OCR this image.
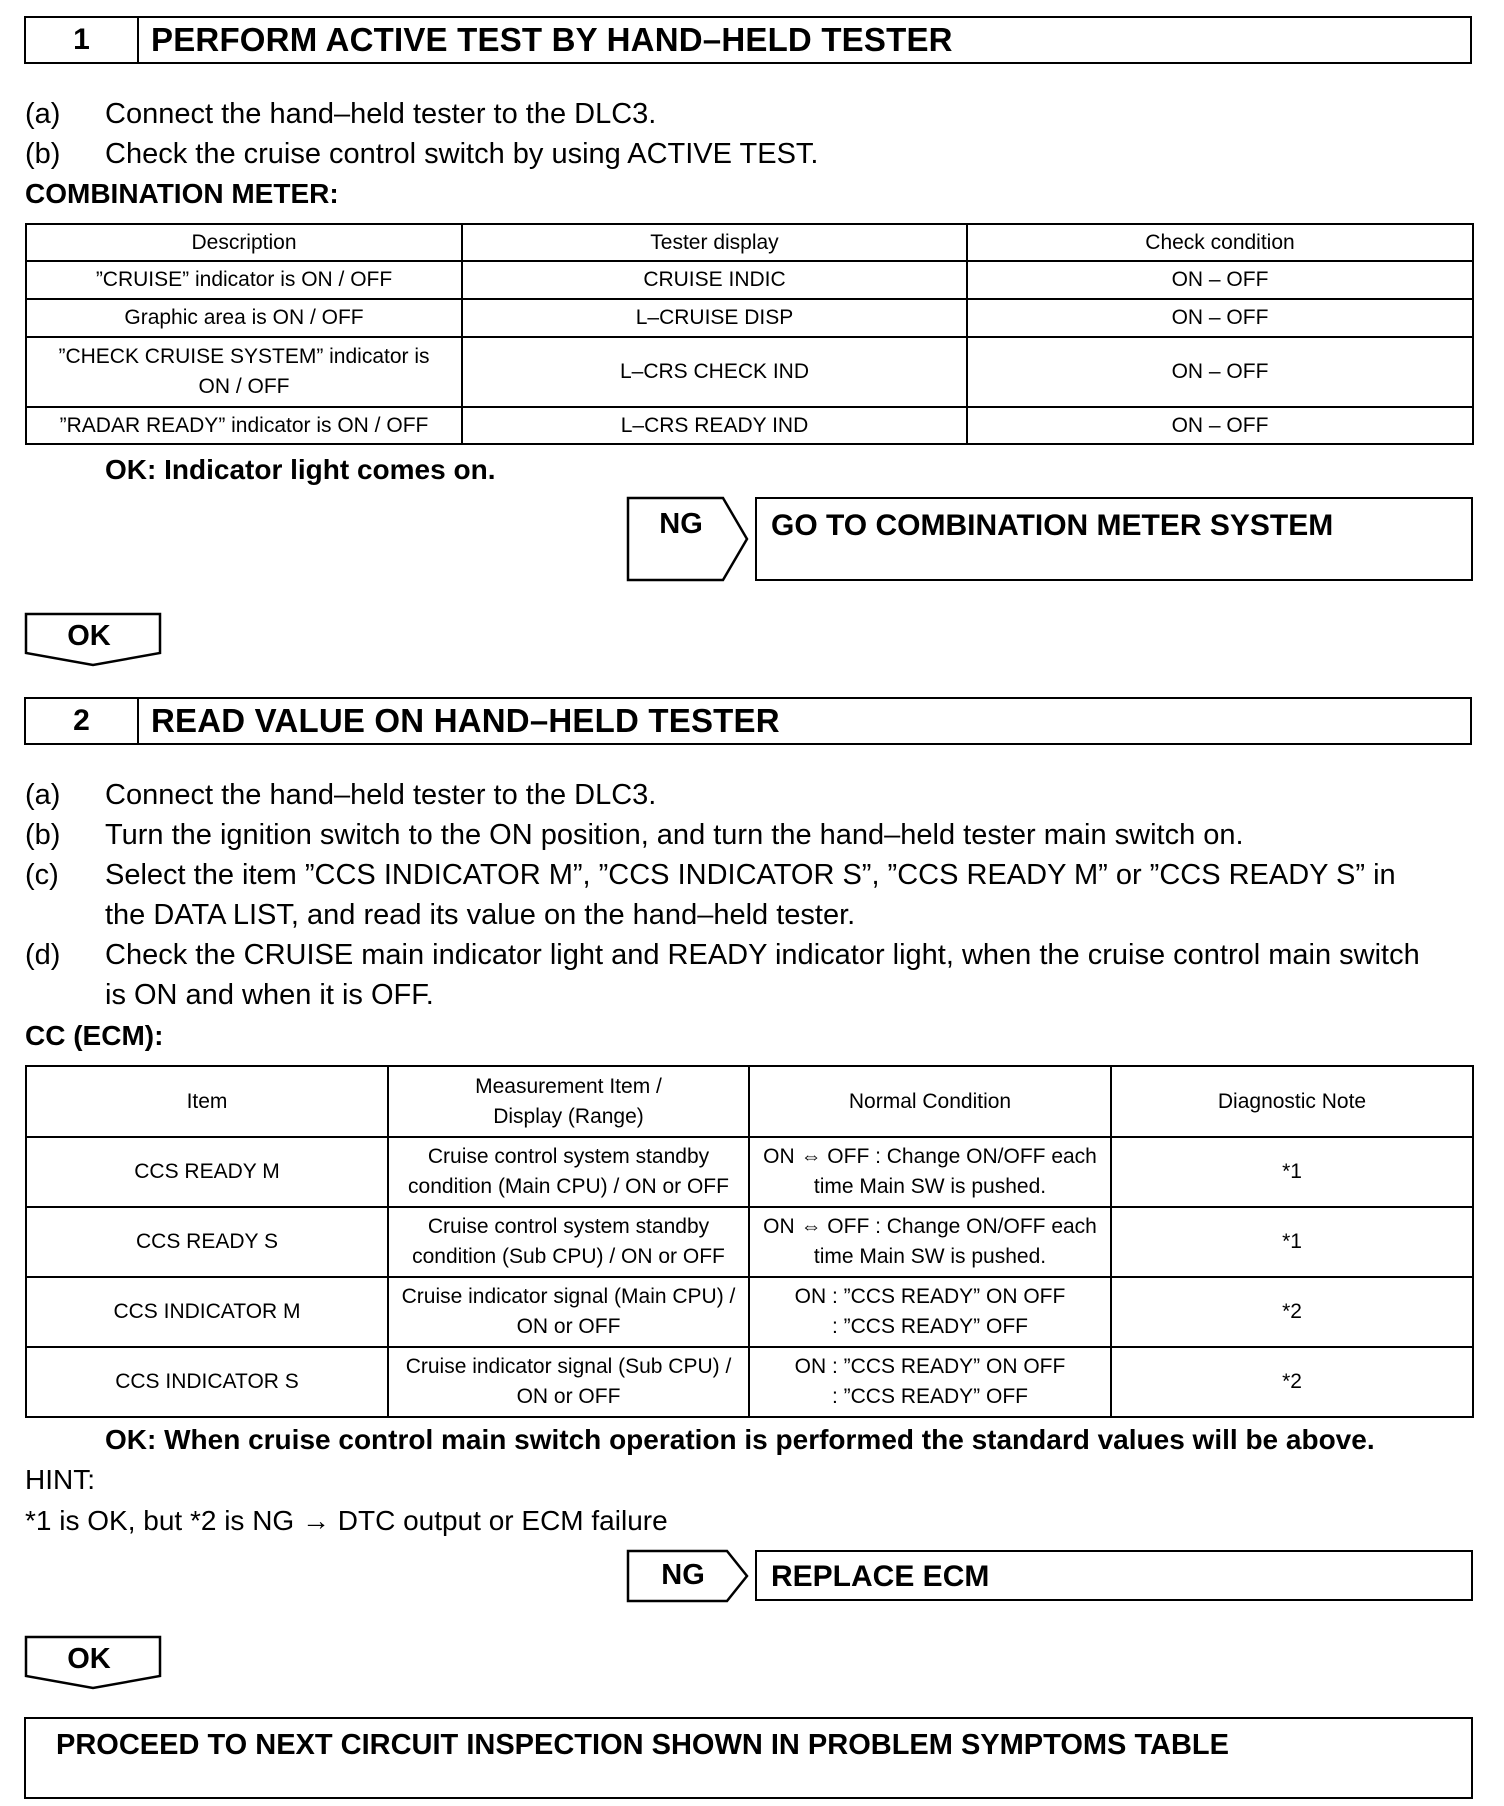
1	PERFORM ACTIVE TEST BY HAND–HELD TESTER
(a) Connect the hand–held tester to the DLC3.
(b) Check the cruise control switch by using ACTIVE TEST.
COMBINATION METER:
Description	Tester display	Check condition
”CRUISE” indicator is ON / OFF	CRUISE INDIC	ON – OFF
Graphic area is ON / OFF	L–CRUISE DISP	ON – OFF
”CHECK CRUISE SYSTEM” indicator is ON / OFF	L–CRS CHECK IND	ON – OFF
”RADAR READY” indicator is ON / OFF	L–CRS READY IND	ON – OFF
OK: Indicator light comes on.
NG	GO TO COMBINATION METER SYSTEM
OK
2	READ VALUE ON HAND–HELD TESTER
(a) Connect the hand–held tester to the DLC3.
(b) Turn the ignition switch to the ON position, and turn the hand–held tester main switch on.
(c) Select the item ”CCS INDICATOR M”, ”CCS INDICATOR S”, ”CCS READY M” or ”CCS READY S” in
the DATA LIST, and read its value on the hand–held tester.
(d) Check the CRUISE main indicator light and READY indicator light, when the cruise control main switch
is ON and when it is OFF.
CC (ECM):
Item	Measurement Item / Display (Range)	Normal Condition	Diagnostic Note
CCS READY M	Cruise control system standby condition (Main CPU) / ON or OFF	ON ⇔ OFF : Change ON/OFF each time Main SW is pushed.	*1
CCS READY S	Cruise control system standby condition (Sub CPU) / ON or OFF	ON ⇔ OFF : Change ON/OFF each time Main SW is pushed.	*1
CCS INDICATOR M	Cruise indicator signal (Main CPU) / ON or OFF	ON : ”CCS READY” ON OFF : ”CCS READY” OFF	*2
CCS INDICATOR S	Cruise indicator signal (Sub CPU) / ON or OFF	ON : ”CCS READY” ON OFF : ”CCS READY” OFF	*2
OK: When cruise control main switch operation is performed the standard values will be above.
HINT:
*1 is OK, but *2 is NG → DTC output or ECM failure
NG	REPLACE ECM
OK
PROCEED TO NEXT CIRCUIT INSPECTION SHOWN IN PROBLEM SYMPTOMS TABLE
